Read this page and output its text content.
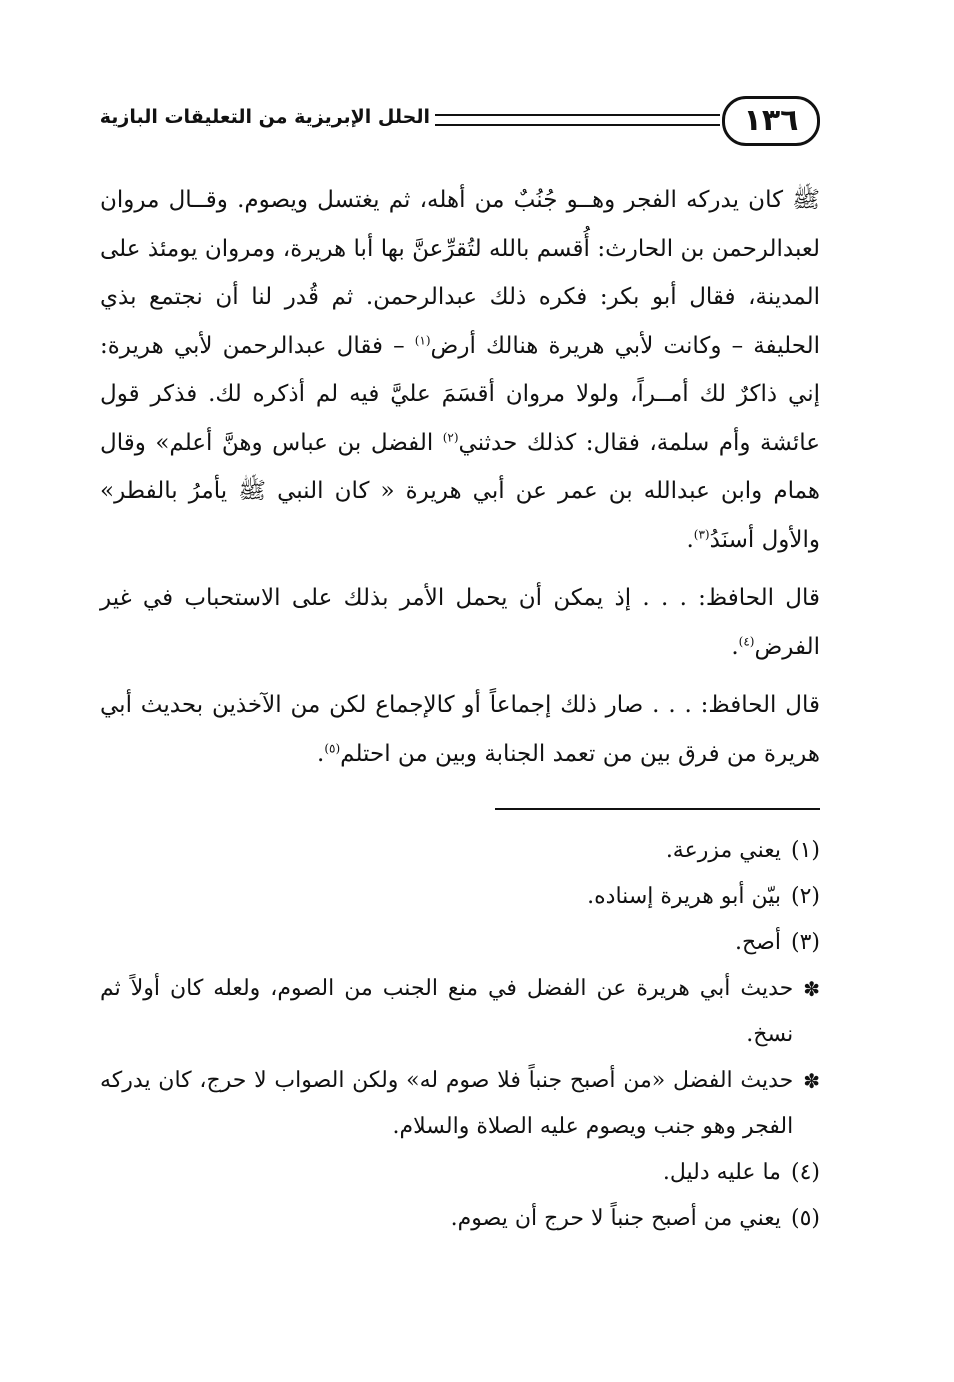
١٣٦
الحلل الإبريزية من التعليقات البازية

ﷺ كان يدركه الفجر وهــو جُنُبٌ من أهله، ثم يغتسل ويصوم. وقــال مروان لعبدالرحمن بن الحارث: أُقسم بالله لتُقرِّعنَّ بها أبا هريرة، ومروان يومئذ على المدينة، فقال أبو بكر: فكره ذلك عبدالرحمن. ثم قُدر لنا أن نجتمع بذي الحليفة – وكانت لأبي هريرة هنالك أرض$^{(١)}$ – فقال عبدالرحمن لأبي هريرة: إني ذاكرٌ لك أمــراً، ولولا مروان أقسَمَ عليَّ فيه لم أذكره لك. فذكر قول عائشة وأم سلمة، فقال: كذلك حدثني$^{(٢)}$ الفضل بن عباس وهنَّ أعلم» وقال همام وابن عبدالله بن عمر عن أبي هريرة « كان النبي ﷺ يأمرُ بالفطر» والأول أسنَدُ$^{(٣)}$.

قال الحافظ: . . . إذ يمكن أن يحمل الأمر بذلك على الاستحباب في غير الفرض$^{(٤)}$.

قال الحافظ: . . . صار ذلك إجماعاً أو كالإجماع لكن من الآخذين بحديث أبي هريرة من فرق بين من تعمد الجنابة وبين من احتلم$^{(٥)}$.

(١)
يعني مزرعة.
(٢)
بيّن أبو هريرة إسناده.
(٣)
أصح.
✽
حديث أبي هريرة عن الفضل في منع الجنب من الصوم، ولعله كان أولاً ثم نسخ.
✽
حديث الفضل «من أصبح جنباً فلا صوم له» ولكن الصواب لا حرج، كان يدركه الفجر وهو جنب ويصوم عليه الصلاة والسلام.
(٤)
ما عليه دليل.
(٥)
يعني من أصبح جنباً لا حرج أن يصوم.
